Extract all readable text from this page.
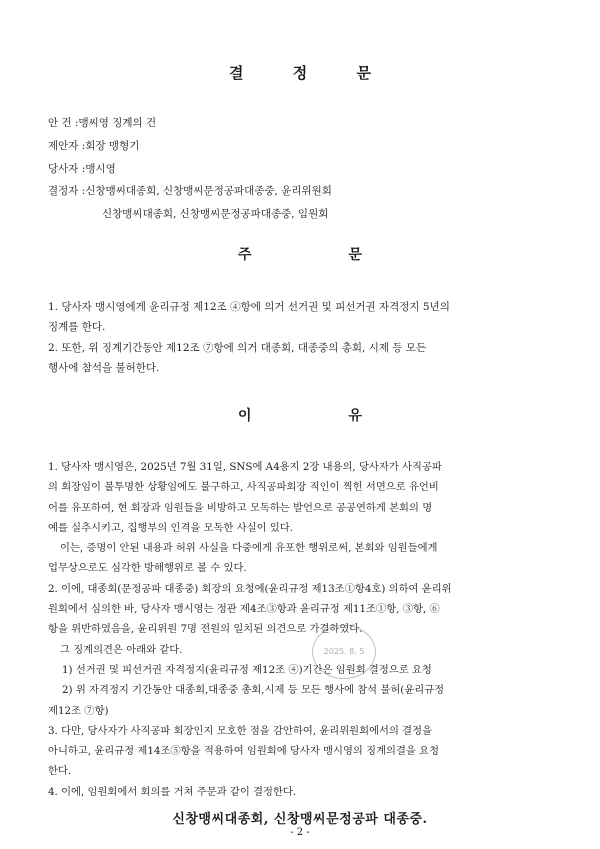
결 정 문
안 건 :맹씨영 징계의 건
제안자 :회장 맹형기
당사자 :맹시영
결정자 :신창맹씨대종회, 신창맹씨문정공파대종중, 윤리위원회
신창맹씨대종회, 신창맹씨문정공파대종중, 임원회
주 문

1. 당사자 맹시영에게 윤리규정 제12조 ④항에 의거 선거권 및 피선거권 자격정지 5년의

징계를 한다.

2. 또한, 위 징계기간동안 제12조 ⑦항에 의거 대종회, 대종중의 총회, 시제 등 모든

행사에 참석을 불허한다.

이 유

1. 당사자 맹시영은, 2025년 7월 31일, SNS에 A4용지 2장 내용의, 당사자가 사직공파

의 회장임이 불투명한 상황임에도 불구하고, 사직공파회장 직인이 찍힌 서면으로 유언비

어를 유포하여, 현 회장과 임원들을 비방하고 모독하는 발언으로 공공연하게 본회의 명

예를 실추시키고, 집행부의 인격을 모독한 사실이 있다.

이는, 증명이 안된 내용과 허위 사실을 다중에게 유포한 행위로써, 본회와 임원들에게

업무상으로도 심각한 방해행위로 볼 수 있다.

2. 이에, 대종회(문정공파 대종중) 회장의 요청에(윤리규정 제13조①항4호) 의하여 윤리위

원회에서 심의한 바, 당사자 맹시영는 정관 제4조③항과 윤리규정 제11조①항, ③항, ⑥

항을 위반하였음을, 윤리위원 7명 전원의 일치된 의견으로 가결하였다.

그 징계의견은 아래와 같다.

1) 선거권 및 피선거권 자격정지(윤리규정 제12조 ④)기간은 임원회 결정으로 요청

2) 위 자격정지 기간동안 대종회,대종중 총회,시제 등 모든 행사에 참석 불허(윤리규정

제12조 ⑦항)

3. 다만, 당사자가 사직공파 회장인지 모호한 점을 감안하여, 윤리위원회에서의 결정을

아니하고, 윤리규정 제14조⑤항을 적용하여 임원회에 당사자 맹시영의 징계의결을 요청

한다.

4. 이에, 임원회에서 회의를 거쳐 주문과 같이 결정한다.

2025. 8. 5
신창맹씨대종회, 신창맹씨문정공파 대종중.
- 2 -
